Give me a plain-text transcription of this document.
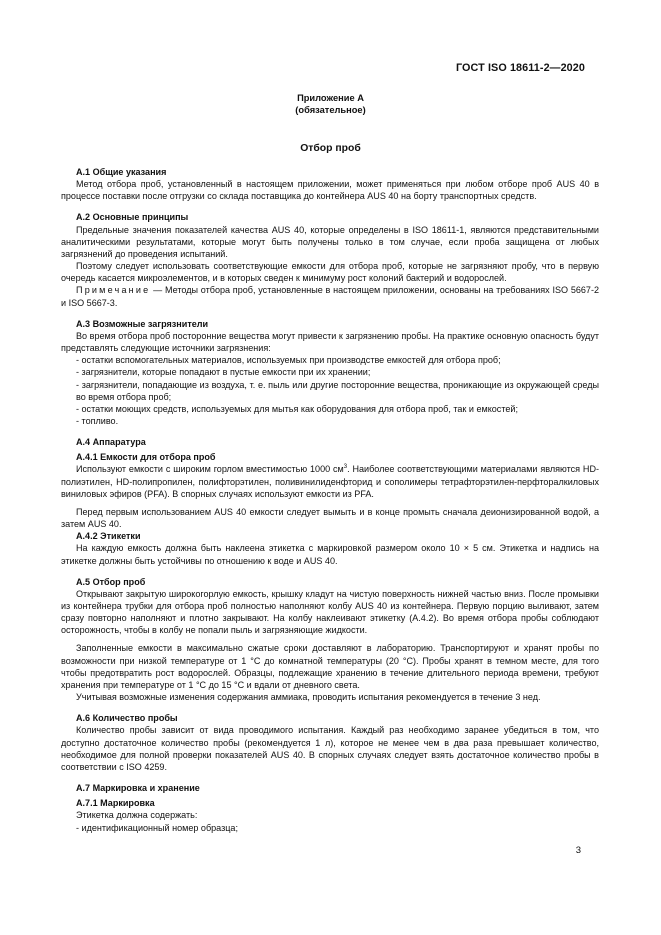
ГОСТ ISO 18611-2—2020
Приложение А
(обязательное)
Отбор проб

А.1 Общие указания

Метод отбора проб, установленный в настоящем приложении, может применяться при любом отборе проб AUS 40 в процессе поставки после отгрузки со склада поставщика до контейнера AUS 40 на борту транспортных средств.

А.2 Основные принципы

Предельные значения показателей качества AUS 40, которые определены в ISO 18611-1, являются представительными аналитическими результатами, которые могут быть получены только в том случае, если проба защищена от любых загрязнений до проведения испытаний.

Поэтому следует использовать соответствующие емкости для отбора проб, которые не загрязняют пробу, что в первую очередь касается микроэлементов, и в которых сведен к минимуму рост колоний бактерий и водорослей.

Примечание — Методы отбора проб, установленные в настоящем приложении, основаны на требованиях ISO 5667-2 и ISO 5667-3.

А.3 Возможные загрязнители

Во время отбора проб посторонние вещества могут привести к загрязнению пробы. На практике основную опасность будут представлять следующие источники загрязнения:

- остатки вспомогательных материалов, используемых при производстве емкостей для отбора проб;

- загрязнители, которые попадают в пустые емкости при их хранении;

- загрязнители, попадающие из воздуха, т. е. пыль или другие посторонние вещества, проникающие из окружающей среды во время отбора проб;

- остатки моющих средств, используемых для мытья как оборудования для отбора проб, так и емкостей;

- топливо.

А.4 Аппаратура

А.4.1 Емкости для отбора проб

Используют емкости с широким горлом вместимостью 1000 $см^3$. Наиболее соответствующими материалами являются HD-полиэтилен, HD-полипропилен, полифторэтилен, поливинилиденфторид и сополимеры тетрафторэтилен-перфторалкиловых виниловых эфиров (PFA). В спорных случаях используют емкости из PFA.

Перед первым использованием AUS 40 емкости следует вымыть и в конце промыть сначала деионизированной водой, а затем AUS 40.

А.4.2 Этикетки

На каждую емкость должна быть наклеена этикетка с маркировкой размером около 10 × 5 см. Этикетка и надпись на этикетке должны быть устойчивы по отношению к воде и AUS 40.

А.5 Отбор проб

Открывают закрытую широкогорлую емкость, крышку кладут на чистую поверхность нижней частью вниз. После промывки из контейнера трубки для отбора проб полностью наполняют колбу AUS 40 из контейнера. Первую порцию выливают, затем сразу повторно наполняют и плотно закрывают. На колбу наклеивают этикетку (А.4.2). Во время отбора пробы соблюдают осторожность, чтобы в колбу не попали пыль и загрязняющие жидкости.

Заполненные емкости в максимально сжатые сроки доставляют в лабораторию. Транспортируют и хранят пробы по возможности при низкой температуре от 1 °С до комнатной температуры (20 °С). Пробы хранят в темном месте, для того чтобы предотвратить рост водорослей. Образцы, подлежащие хранению в течение длительного периода времени, требуют хранения при температуре от 1 °С до 15 °С и вдали от дневного света.

Учитывая возможные изменения содержания аммиака, проводить испытания рекомендуется в течение 3 нед.

А.6 Количество пробы

Количество пробы зависит от вида проводимого испытания. Каждый раз необходимо заранее убедиться в том, что доступно достаточное количество пробы (рекомендуется 1 л), которое не менее чем в два раза превышает количество, необходимое для полной проверки показателей AUS 40. В спорных случаях следует взять достаточное количество пробы в соответствии с ISO 4259.

А.7 Маркировка и хранение

А.7.1 Маркировка

Этикетка должна содержать:

- идентификационный номер образца;

3
